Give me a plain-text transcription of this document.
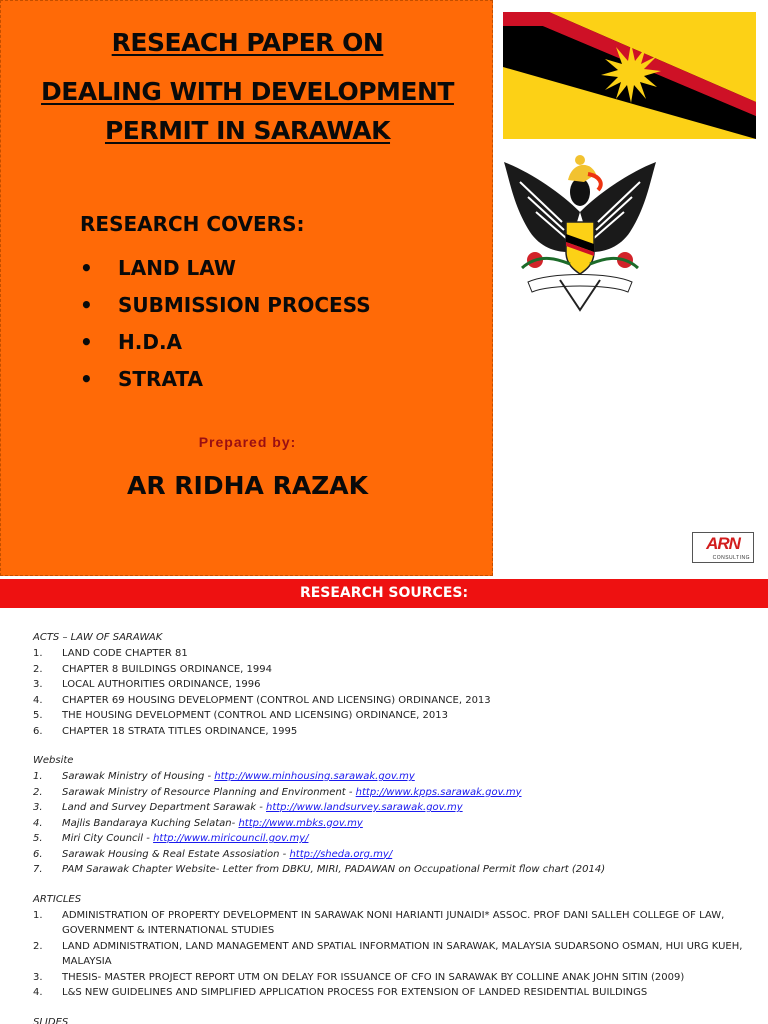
RESEACH PAPER ON
DEALING WITH DEVELOPMENT
PERMIT IN SARAWAK
RESEARCH COVERS:
•	LAND LAW
•	SUBMISSION PROCESS
•	H.D.A
•	STRATA
Prepared by:
AR RIDHA RAZAK
ARN
CONSULTING
RESEARCH SOURCES:
ACTS – LAW OF SARAWAK
1.	LAND CODE CHAPTER 81
2.	CHAPTER 8 BUILDINGS ORDINANCE, 1994
3.	LOCAL AUTHORITIES ORDINANCE, 1996
4.	CHAPTER 69 HOUSING DEVELOPMENT (CONTROL AND LICENSING) ORDINANCE, 2013
5.	THE HOUSING DEVELOPMENT (CONTROL AND LICENSING) ORDINANCE, 2013
6.	CHAPTER 18 STRATA TITLES ORDINANCE, 1995
Website
1.	Sarawak Ministry of Housing - http://www.minhousing.sarawak.gov.my
2.	Sarawak Ministry of Resource Planning and Environment - http://www.kpps.sarawak.gov.my
3.	Land and Survey Department Sarawak - http://www.landsurvey.sarawak.gov.my
4.	Majlis Bandaraya Kuching Selatan- http://www.mbks.gov.my
5.	Miri City Council - http://www.miricouncil.gov.my/
6.	Sarawak Housing & Real Estate Assosiation - http://sheda.org.my/
7.	PAM Sarawak Chapter Website- Letter from DBKU, MIRI, PADAWAN on Occupational Permit flow chart (2014)
ARTICLES
1.	ADMINISTRATION OF PROPERTY DEVELOPMENT IN SARAWAK NONI HARIANTI JUNAIDI* ASSOC. PROF DANI SALLEH COLLEGE OF LAW, GOVERNMENT & INTERNATIONAL STUDIES
2.	LAND ADMINISTRATION, LAND MANAGEMENT AND SPATIAL INFORMATION IN SARAWAK, MALAYSIA SUDARSONO OSMAN, HUI URG KUEH, MALAYSIA
3.	THESIS- MASTER PROJECT REPORT UTM ON DELAY FOR ISSUANCE OF CFO IN SARAWAK BY COLLINE ANAK JOHN SITIN (2009)
4.	L&S NEW GUIDELINES AND SIMPLIFIED APPLICATION PROCESS FOR EXTENSION OF LANDED RESIDENTIAL BUILDINGS
SLIDES
